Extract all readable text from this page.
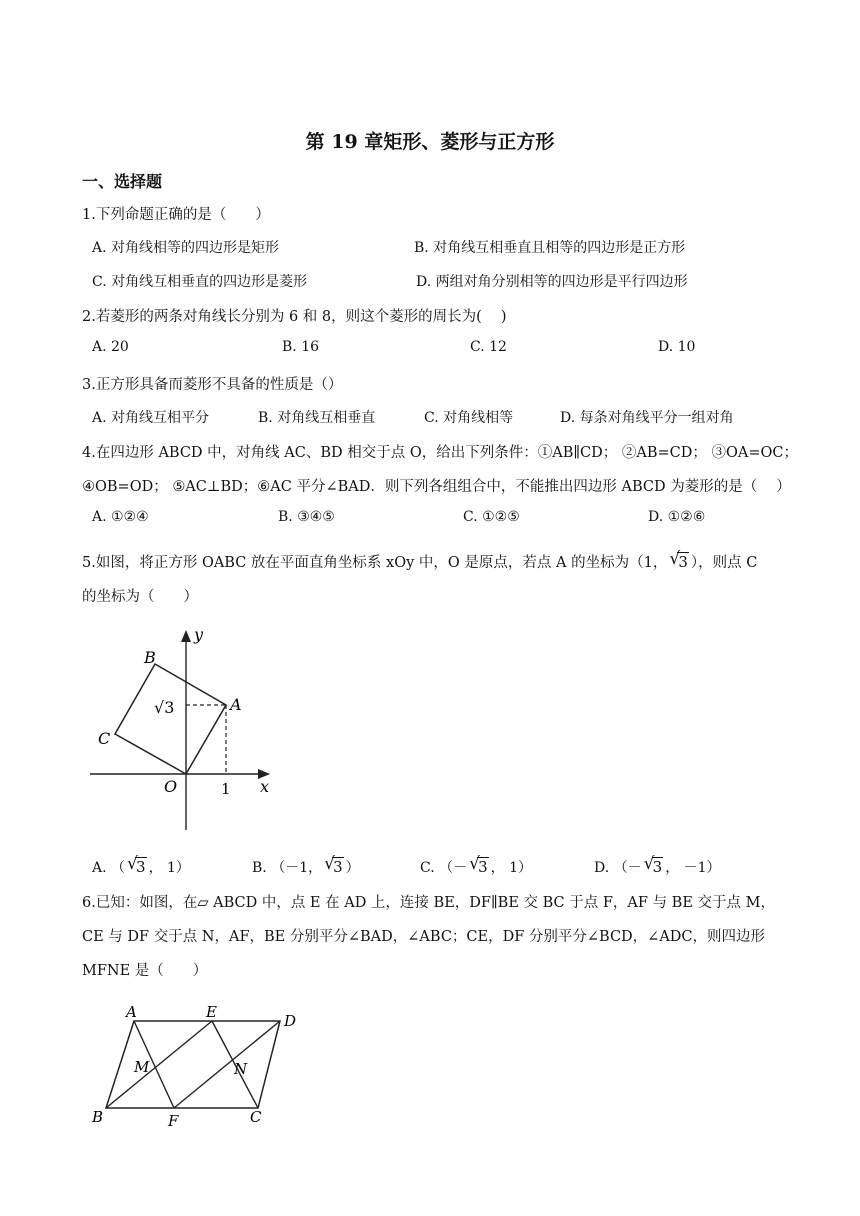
第 19 章矩形、菱形与正方形
一、选择题
1.下列命题正确的是（　　）
A. 对角线相等的四边形是矩形	B. 对角线互相垂直且相等的四边形是正方形
C. 对角线互相垂直的四边形是菱形	D. 两组对角分别相等的四边形是平行四边形
2.若菱形的两条对角线长分别为 6 和 8，则这个菱形的周长为(　 )
A. 20	B. 16	C. 12	D. 10
3.正方形具备而菱形不具备的性质是（）
A. 对角线互相平分	B. 对角线互相垂直	C. 对角线相等	D. 每条对角线平分一组对角
4.在四边形 ABCD 中，对角线 AC、BD 相交于点 O，给出下列条件：①AB∥CD； ②AB=CD； ③OA=OC；
④OB=OD； ⑤AC⊥BD；⑥AC 平分∠BAD．则下列各组组合中，不能推出四边形 ABCD 为菱形的是（　 ）
A. ①②④	B. ③④⑤	C. ①②⑤	D. ①②⑥
5.如图，将正方形 OABC 放在平面直角坐标系 xOy 中，O 是原点，若点 A 的坐标为（1， √
3 ），则点 C
的坐标为（　　）
B
A
C
O	x
y
1
√3
A. （ √
3 ， 1）	B. （－1， √
3 ）	C. （－ √
3 ， 1）	D. （－ √
3 ， －1）
6.已知：如图，在▱ ABCD 中，点 E 在 AD 上，连接 BE，DF∥BE 交 BC 于点 F，AF 与 BE 交于点 M，
CE 与 DF 交于点 N，AF，BE 分别平分∠BAD，∠ABC；CE，DF 分别平分∠BCD，∠ADC，则四边形
MFNE 是（　　）
A	E	D
M	N
B	F	C
